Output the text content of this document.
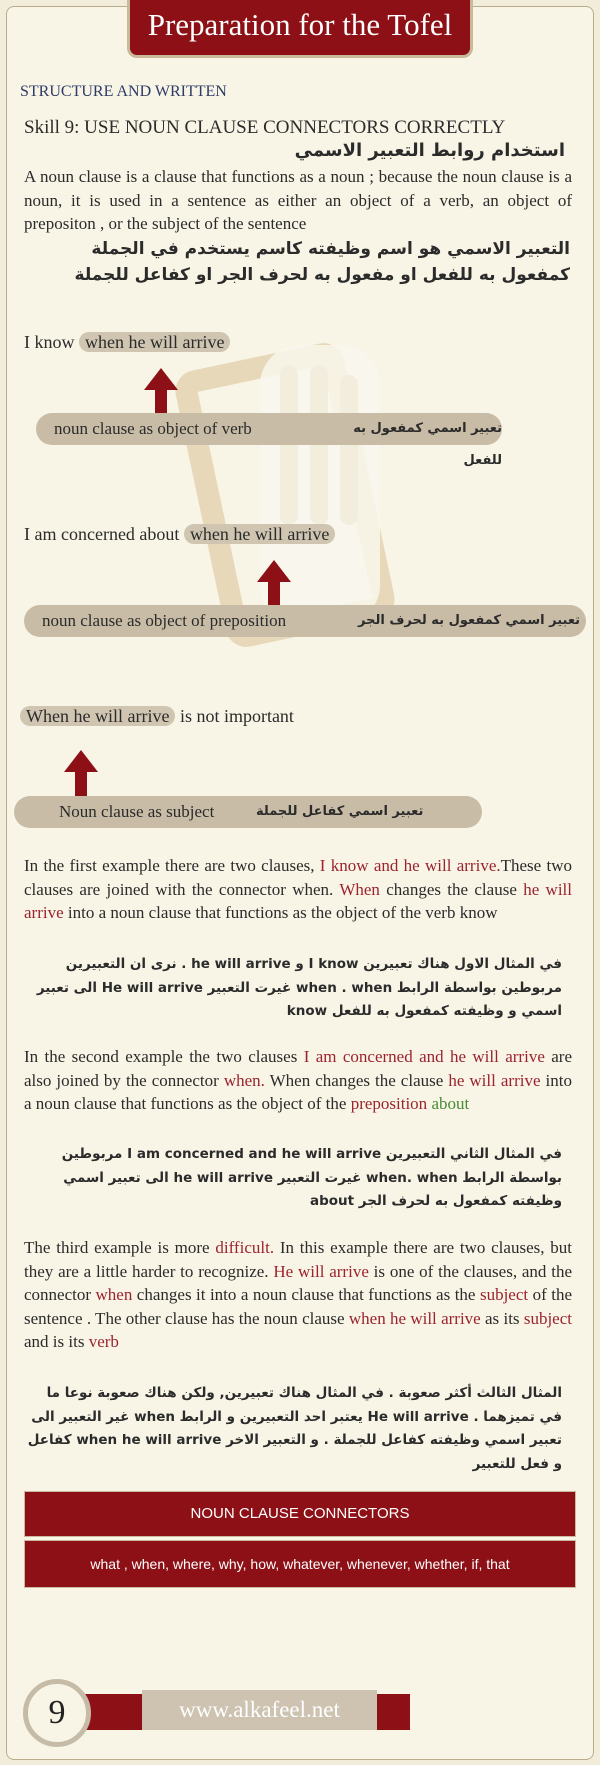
Preparation for the Tofel
STRUCTURE AND WRITTEN
Skill 9: USE NOUN CLAUSE CONNECTORS CORRECTLY
استخدام روابط التعبير الاسمي
A noun clause is a clause that functions as a noun ; because the noun clause is a noun, it is used in a sentence as either an object of a verb, an object of prepositon , or the subject of the sentence
التعبير الاسمي هو اسم وظيفته كاسم يستخدم في الجملة كمفعول به للفعل او مفعول به لحرف الجر او كفاعل للجملة
I know when he will arrive
noun clause as object of verb	تعبير اسمي كمفعول به للفعل
I am concerned about when he will arrive
noun clause as object of preposition	تعبير اسمي كمفعول به لحرف الجر
When he will arrive is not important
Noun clause as subject	تعبير اسمي كفاعل للجملة
In the first example there are two clauses, I know and he will arrive.These two clauses are joined with the connector when. When changes the clause he will arrive into a noun clause that functions as the object of the verb know
في المثال الاول هناك تعبيرين I know و he will arrive . نرى ان التعبيرين مربوطين بواسطة الرابط when . when غيرت التعبير He will arrive الى تعبير اسمي و وظيفته كمفعول به للفعل know
In the second example the two clauses I am concerned and he will arrive are also joined by the connector when. When changes the clause he will arrive into a noun clause that functions as the object of the preposition about
في المثال الثاني التعبيرين I am concerned and he will arrive مربوطين بواسطة الرابط when. when غيرت التعبير he will arrive الى تعبير اسمي وظيفته كمفعول به لحرف الجر about
The third example is more difficult. In this example there are two clauses, but they are a little harder to recognize. He will arrive is one of the clauses, and the connector when changes it into a noun clause that functions as the subject of the sentence . The other clause has the noun clause when he will arrive as its subject and is its verb
المثال الثالث أكثر صعوبة . في المثال هناك تعبيرين, ولكن هناك صعوبة نوعا ما في تميزهما . He will arrive يعتبر احد التعبيرين و الرابط when غير التعبير الى تعبير اسمي وظيفته كفاعل للجملة . و التعبير الاخر when he will arrive كفاعل و فعل للتعبير
NOUN CLAUSE CONNECTORS
what , when, where, why, how, whatever, whenever, whether, if, that
www.alkafeel.net
9
